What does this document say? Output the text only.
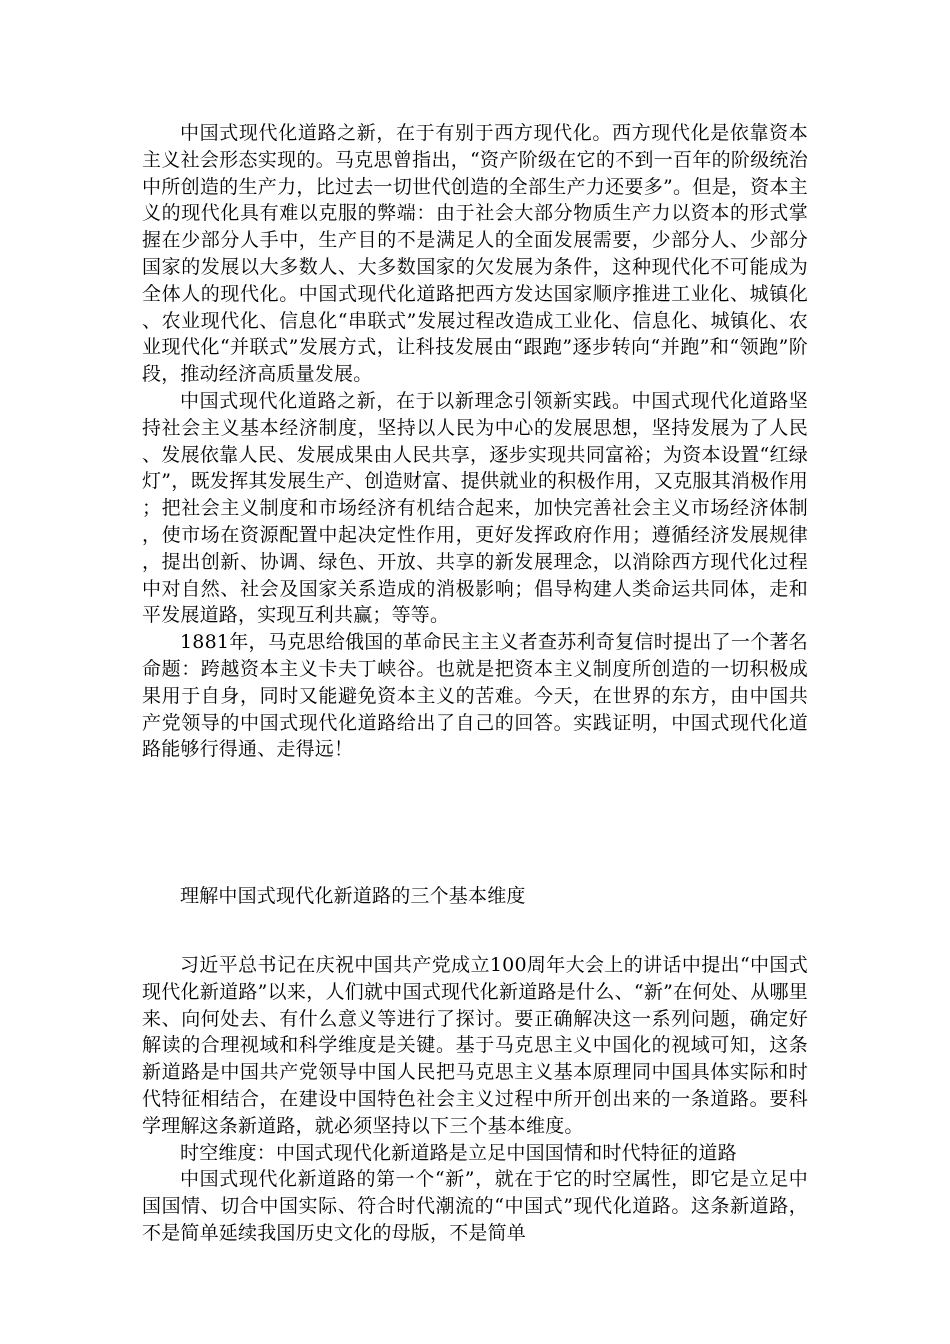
中国式现代化道路之新，在于有别于西方现代化。西方现代化是依靠资本主义社会形态实现的。马克思曾指出，“资产阶级在它的不到一百年的阶级统治中所创造的生产力，比过去一切世代创造的全部生产力还要多”。但是，资本主义的现代化具有难以克服的弊端：由于社会大部分物质生产力以资本的形式掌握在少部分人手中，生产目的不是满足人的全面发展需要，少部分人、少部分国家的发展以大多数人、大多数国家的欠发展为条件，这种现代化不可能成为全体人的现代化。中国式现代化道路把西方发达国家顺序推进工业化、城镇化、农业现代化、信息化“串联式”发展过程改造成工业化、信息化、城镇化、农业现代化“并联式”发展方式，让科技发展由“跟跑”逐步转向“并跑”和“领跑”阶段，推动经济高质量发展。

中国式现代化道路之新，在于以新理念引领新实践。中国式现代化道路坚持社会主义基本经济制度，坚持以人民为中心的发展思想，坚持发展为了人民、发展依靠人民、发展成果由人民共享，逐步实现共同富裕；为资本设置“红绿灯”，既发挥其发展生产、创造财富、提供就业的积极作用，又克服其消极作用；把社会主义制度和市场经济有机结合起来，加快完善社会主义市场经济体制，使市场在资源配置中起决定性作用，更好发挥政府作用；遵循经济发展规律，提出创新、协调、绿色、开放、共享的新发展理念，以消除西方现代化过程中对自然、社会及国家关系造成的消极影响；倡导构建人类命运共同体，走和平发展道路，实现互利共赢；等等。

1881年，马克思给俄国的革命民主主义者查苏利奇复信时提出了一个著名命题：跨越资本主义卡夫丁峡谷。也就是把资本主义制度所创造的一切积极成果用于自身，同时又能避免资本主义的苦难。今天，在世界的东方，由中国共产党领导的中国式现代化道路给出了自己的回答。实践证明，中国式现代化道路能够行得通、走得远！

理解中国式现代化新道路的三个基本维度

习近平总书记在庆祝中国共产党成立100周年大会上的讲话中提出“中国式现代化新道路”以来，人们就中国式现代化新道路是什么、“新”在何处、从哪里来、向何处去、有什么意义等进行了探讨。要正确解决这一系列问题，确定好解读的合理视域和科学维度是关键。基于马克思主义中国化的视域可知，这条新道路是中国共产党领导中国人民把马克思主义基本原理同中国具体实际和时代特征相结合，在建设中国特色社会主义过程中所开创出来的一条道路。要科学理解这条新道路，就必须坚持以下三个基本维度。

时空维度：中国式现代化新道路是立足中国国情和时代特征的道路

中国式现代化新道路的第一个“新”，就在于它的时空属性，即它是立足中国国情、切合中国实际、符合时代潮流的“中国式”现代化道路。这条新道路，不是简单延续我国历史文化的母版，不是简单
